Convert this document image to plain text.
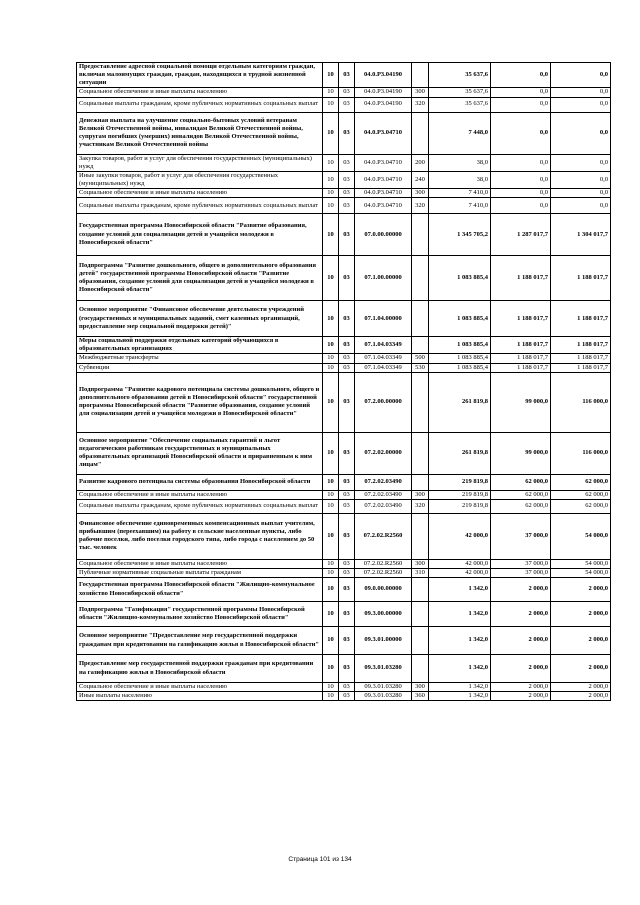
Предоставление адресной социальной помощи отдельным категориям граждан, включая малоимущих граждан, граждан, находящихся в трудной жизненной ситуации	10	03	04.0.P3.04190		35 637,6	0,0	0,0
Социальное обеспечение и иные выплаты населению	10	03	04.0.P3.04190	300	35 637,6	0,0	0,0
Социальные выплаты гражданам, кроме публичных нормативных социальных выплат	10	03	04.0.P3.04190	320	35 637,6	0,0	0,0
Денежная выплата на улучшение социально-бытовых условий ветеранам Великой Отечественной войны, инвалидам Великой Отечественной войны, супругам погибших (умерших) инвалидов Великой Отечественной войны, участникам Великой Отечественной войны	10	03	04.0.P3.04710		7 448,0	0,0	0,0
Закупка товаров, работ и услуг для обеспечения государственных (муниципальных) нужд	10	03	04.0.P3.04710	200	38,0	0,0	0,0
Иные закупки товаров, работ и услуг для обеспечения государственных (муниципальных) нужд	10	03	04.0.P3.04710	240	38,0	0,0	0,0
Социальное обеспечение и иные выплаты населению	10	03	04.0.P3.04710	300	7 410,0	0,0	0,0
Социальные выплаты гражданам, кроме публичных нормативных социальных выплат	10	03	04.0.P3.04710	320	7 410,0	0,0	0,0
Государственная программа Новосибирской области "Развитие образования, создание условий для социализации детей и учащейся молодежи в Новосибирской области"	10	03	07.0.00.00000		1 345 705,2	1 287 017,7	1 304 017,7
Подпрограмма "Развитие дошкольного, общего и дополнительного образования детей" государственной программы Новосибирской области "Развитие образования, создание условий для социализации детей и учащейся молодежи в Новосибирской области"	10	03	07.1.00.00000		1 083 885,4	1 188 017,7	1 188 017,7
Основное мероприятие "Финансовое обеспечение деятельности учреждений (государственных и муниципальных заданий, смет казенных организаций, предоставление мер социальной поддержки детей)"	10	03	07.1.04.00000		1 083 885,4	1 188 017,7	1 188 017,7
Меры социальной поддержки отдельных категорий обучающихся в образовательных организациях	10	03	07.1.04.03349		1 083 885,4	1 188 017,7	1 188 017,7
Межбюджетные трансферты	10	03	07.1.04.03349	500	1 083 885,4	1 188 017,7	1 188 017,7
Субвенции	10	03	07.1.04.03349	530	1 083 885,4	1 188 017,7	1 188 017,7
Подпрограмма "Развитие кадрового потенциала системы дошкольного, общего и дополнительного образования детей в Новосибирской области" государственной программы Новосибирской области "Развитие образования, создание условий для социализации детей и учащейся молодежи в Новосибирской области"	10	03	07.2.00.00000		261 819,8	99 000,0	116 000,0
Основное мероприятие "Обеспечение социальных гарантий и льгот педагогическим работникам государственных и муниципальных образовательных организаций Новосибирской области и приравненным к ним лицам"	10	03	07.2.02.00000		261 819,8	99 000,0	116 000,0
Развитие кадрового потенциала системы образования Новосибирской области	10	03	07.2.02.03490		219 819,8	62 000,0	62 000,0
Социальное обеспечение и иные выплаты населению	10	03	07.2.02.03490	300	219 819,8	62 000,0	62 000,0
Социальные выплаты гражданам, кроме публичных нормативных социальных выплат	10	03	07.2.02.03490	320	219 819,8	62 000,0	62 000,0
Финансовое обеспечение единовременных компенсационных выплат учителям, прибывшим (переехавшим) на работу в сельские населенные пункты, либо рабочие поселки, либо поселки городского типа, либо города с населением до 50 тыс. человек	10	03	07.2.02.R2560		42 000,0	37 000,0	54 000,0
Социальное обеспечение и иные выплаты населению	10	03	07.2.02.R2560	300	42 000,0	37 000,0	54 000,0
Публичные нормативные социальные выплаты гражданам	10	03	07.2.02.R2560	310	42 000,0	37 000,0	54 000,0
Государственная программа Новосибирской области "Жилищно-коммунальное хозяйство Новосибирской области"	10	03	09.0.00.00000		1 342,0	2 000,0	2 000,0
Подпрограмма "Газификация" государственной программы Новосибирской области "Жилищно-коммунальное хозяйство Новосибирской области"	10	03	09.3.00.00000		1 342,0	2 000,0	2 000,0
Основное мероприятие "Предоставление мер государственной поддержки гражданам при кредитовании на газификацию жилья в Новосибирской области"	10	03	09.3.01.00000		1 342,0	2 000,0	2 000,0
Предоставление мер государственной поддержки гражданам при кредитовании на газификацию жилья в Новосибирской области	10	03	09.3.01.03280		1 342,0	2 000,0	2 000,0
Социальное обеспечение и иные выплаты населению	10	03	09.3.01.03280	300	1 342,0	2 000,0	2 000,0
Иные выплаты населению	10	03	09.3.01.03280	360	1 342,0	2 000,0	2 000,0
Страница 101 из 134
